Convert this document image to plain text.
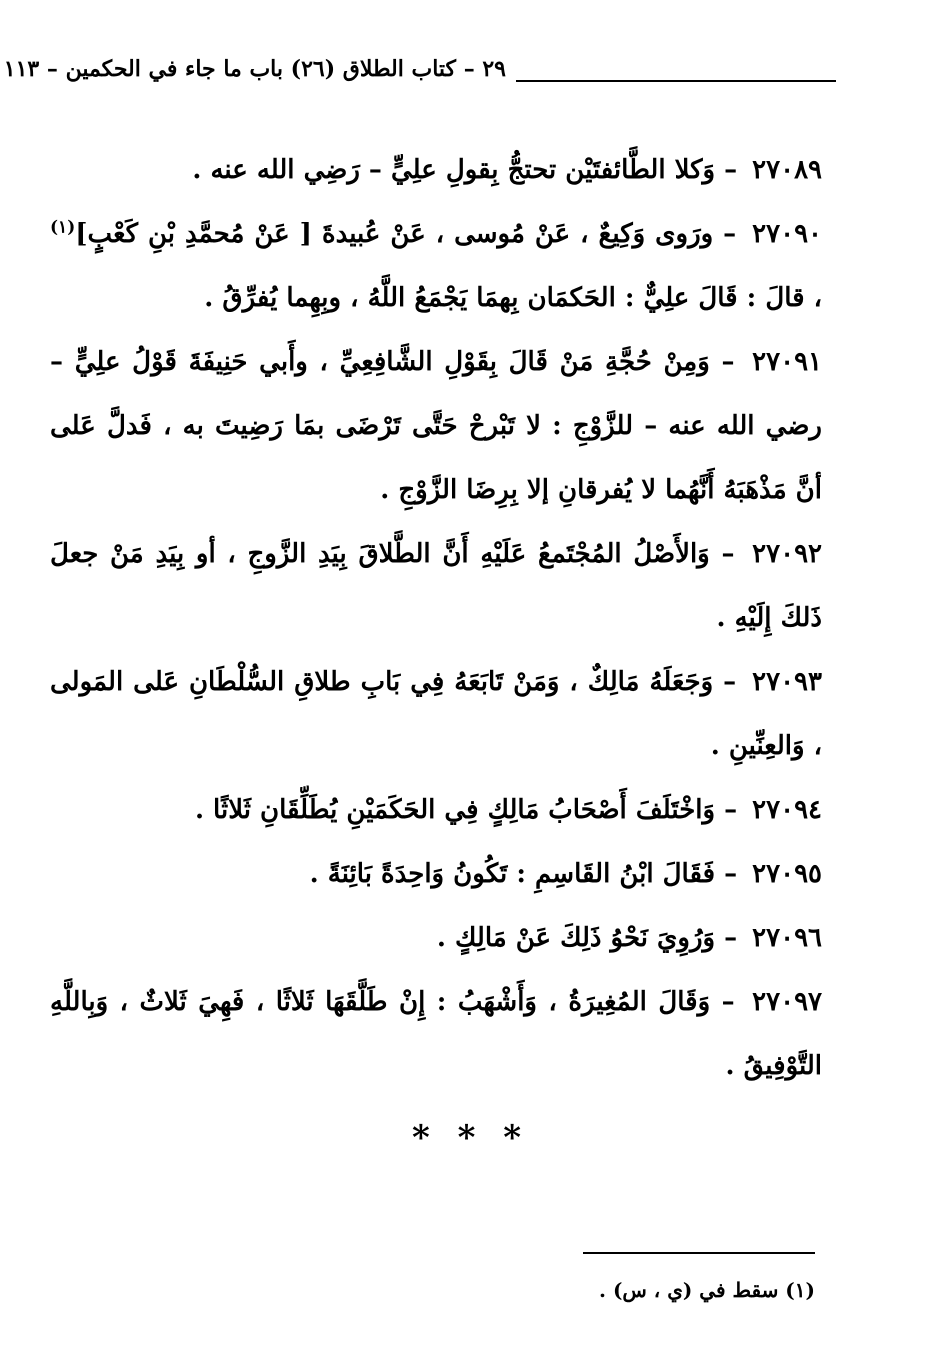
٢٩ – كتاب الطلاق (٢٦) باب ما جاء في الحكمين – ١١٣

٢٧٠٨٩ – وَكلا الطَّائفتَيْن تحتجُّ بِقولِ علِيٍّ – رَضِي الله عنه .

٢٧٠٩٠ – ورَوى وَكِيعٌ ، عَنْ مُوسى ، عَنْ عُبيدةَ [ عَنْ مُحمَّدِ بْنِ كَعْبٍ]$^{(١)}$ ، قالَ : قَالَ علِيٌّ : الحَكمَان بِهمَا يَجْمَعُ اللَّهُ ، وبِهِما يُفرِّقُ .

٢٧٠٩١ – وَمِنْ حُجَّةِ مَنْ قَالَ بِقَوْلِ الشَّافِعِيِّ ، وأَبي حَنِيفَةَ قَوْلُ علِيٍّ – رضي الله عنه – للزَّوْجِ : لا تَبْرحْ حَتَّى تَرْضَى بمَا رَضِيتَ به ، فَدلَّ عَلى أنَّ مَذْهَبَهُ أَنَّهُما لا يُفرقانِ إلا بِرِضَا الزَّوْجِ .

٢٧٠٩٢ – وَالأَصْلُ المُجْتَمعُ عَلَيْهِ أَنَّ الطَّلاقَ بِيَدِ الزَّوجِ ، أو بِيَدِ مَنْ جعلَ ذَلكَ إِلَيْهِ .

٢٧٠٩٣ – وَجَعَلَهُ مَالِكٌ ، وَمَنْ تَابَعَهُ فِي بَابِ طلاقِ السُّلْطَانِ عَلى المَولى ، وَالعِنِّينِ .

٢٧٠٩٤ – وَاخْتَلَفَ أَصْحَابُ مَالِكٍ فِي الحَكَمَيْنِ يُطَلِّقَانِ ثَلاثًا .

٢٧٠٩٥ – فَقَالَ ابْنُ القَاسِمِ : تَكُونُ وَاحِدَةً بَائِنَةً .

٢٧٠٩٦ – وَرُوِيَ نَحْوُ ذَلِكَ عَنْ مَالِكٍ .

٢٧٠٩٧ – وَقَالَ المُغِيرَةُ ، وَأَشْهَبُ : إِنْ طَلَّقَهَا ثَلاثًا ، فَهِيَ ثَلاثٌ ، وَبِاللَّهِ التَّوْفِيقُ .

* * *
(١) سقط في (ي ، س) .
